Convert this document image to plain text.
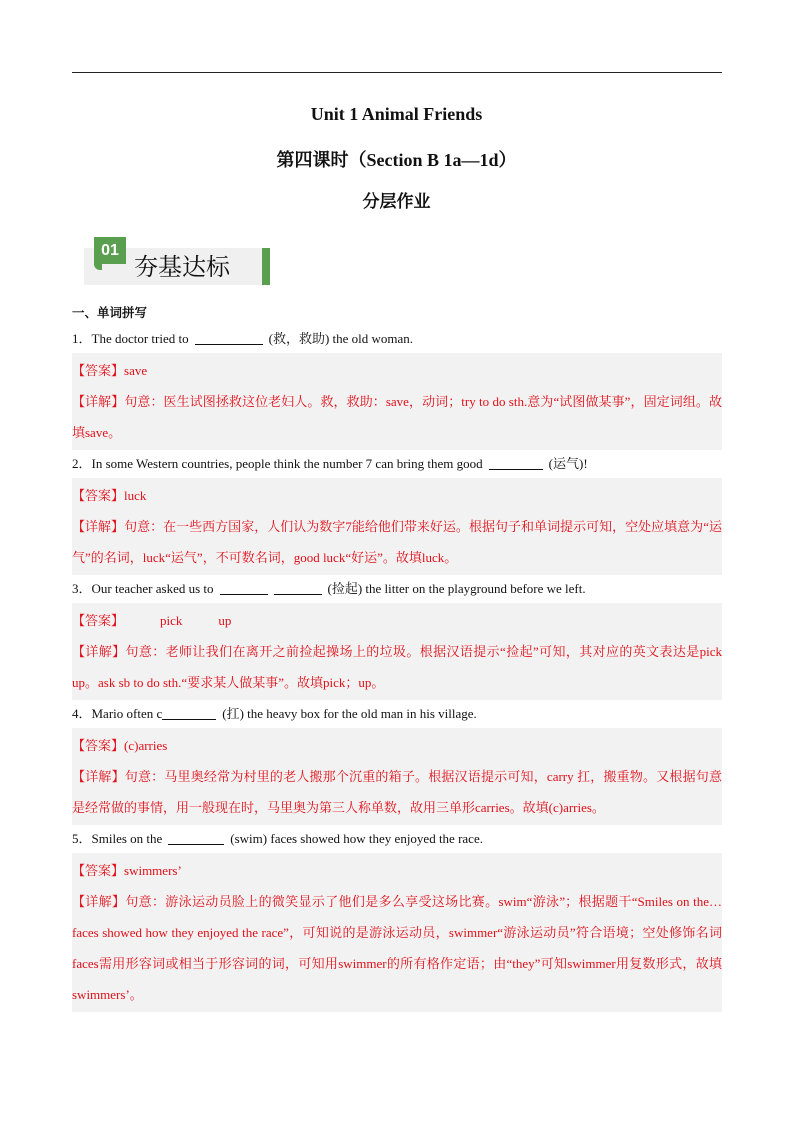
Unit 1 Animal Friends
第四课时（Section B 1a—1d）
分层作业
01
夯基达标
一、单词拼写
1．The doctor tried to	(救，救助) the old woman.
【答案】save
【详解】句意：医生试图拯救这位老妇人。救，救助：save，动词；try to do sth.意为“试图做某事”，固定词组。故填save。
2．In some Western countries, people think the number 7 can bring them good	(运气)!
【答案】luck
【详解】句意：在一些西方国家，人们认为数字7能给他们带来好运。根据句子和单词提示可知，空处应填意为“运气”的名词，luck“运气”，不可数名词，good luck“好运”。故填luck。
3．Our teacher asked us to	(捡起) the litter on the playground before we left.
【答案】	pick	up
【详解】句意：老师让我们在离开之前捡起操场上的垃圾。根据汉语提示“捡起”可知，其对应的英文表达是pick up。ask sb to do sth.“要求某人做某事”。故填pick；up。
4．Mario often c	(扛) the heavy box for the old man in his village.
【答案】(c)arries
【详解】句意：马里奥经常为村里的老人搬那个沉重的箱子。根据汉语提示可知，carry 扛，搬重物。又根据句意是经常做的事情，用一般现在时，马里奥为第三人称单数，故用三单形carries。故填(c)arries。
5．Smiles on the	(swim) faces showed how they enjoyed the race.
【答案】swimmers’
【详解】句意：游泳运动员脸上的微笑显示了他们是多么享受这场比赛。swim“游泳”；根据题干“Smiles on the…faces showed how they enjoyed the race”，可知说的是游泳运动员，swimmer“游泳运动员”符合语境；空处修饰名词faces需用形容词或相当于形容词的词，可知用swimmer的所有格作定语；由“they”可知swimmer用复数形式，故填swimmers’。
